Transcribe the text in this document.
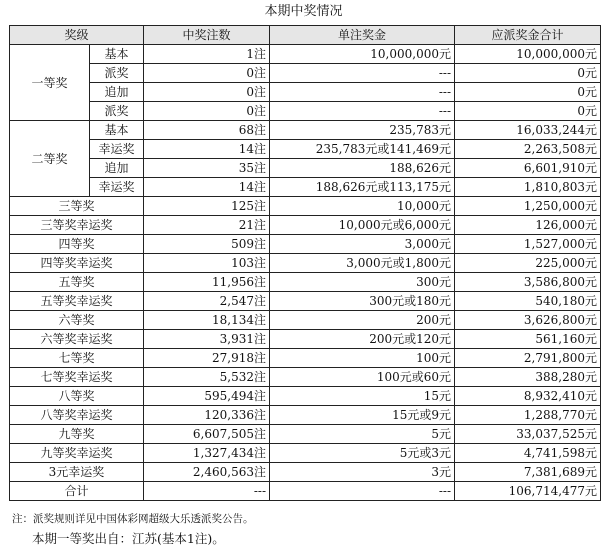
本期中奖情况
奖级		中奖注数	单注奖金	应派奖金合计
一等奖	基本	1注	10,000,000元	10,000,000元
	派奖	0注	---	0元
	追加	0注	---	0元
	派奖	0注	---	0元
二等奖	基本	68注	235,783元	16,033,244元
	幸运奖	14注	235,783元或141,469元	2,263,508元
	追加	35注	188,626元	6,601,910元
	幸运奖	14注	188,626元或113,175元	1,810,803元
三等奖		125注	10,000元	1,250,000元
三等奖幸运奖		21注	10,000元或6,000元	126,000元
四等奖		509注	3,000元	1,527,000元
四等奖幸运奖		103注	3,000元或1,800元	225,000元
五等奖		11,956注	300元	3,586,800元
五等奖幸运奖		2,547注	300元或180元	540,180元
六等奖		18,134注	200元	3,626,800元
六等奖幸运奖		3,931注	200元或120元	561,160元
七等奖		27,918注	100元	2,791,800元
七等奖幸运奖		5,532注	100元或60元	388,280元
八等奖		595,494注	15元	8,932,410元
八等奖幸运奖		120,336注	15元或9元	1,288,770元
九等奖		6,607,505注	5元	33,037,525元
九等奖幸运奖		1,327,434注	5元或3元	4,741,598元
3元幸运奖		2,460,563注	3元	7,381,689元
合计		---	---	106,714,477元
注：派奖规则详见中国体彩网超级大乐透派奖公告。
本期一等奖出自：江苏(基本1注)。
